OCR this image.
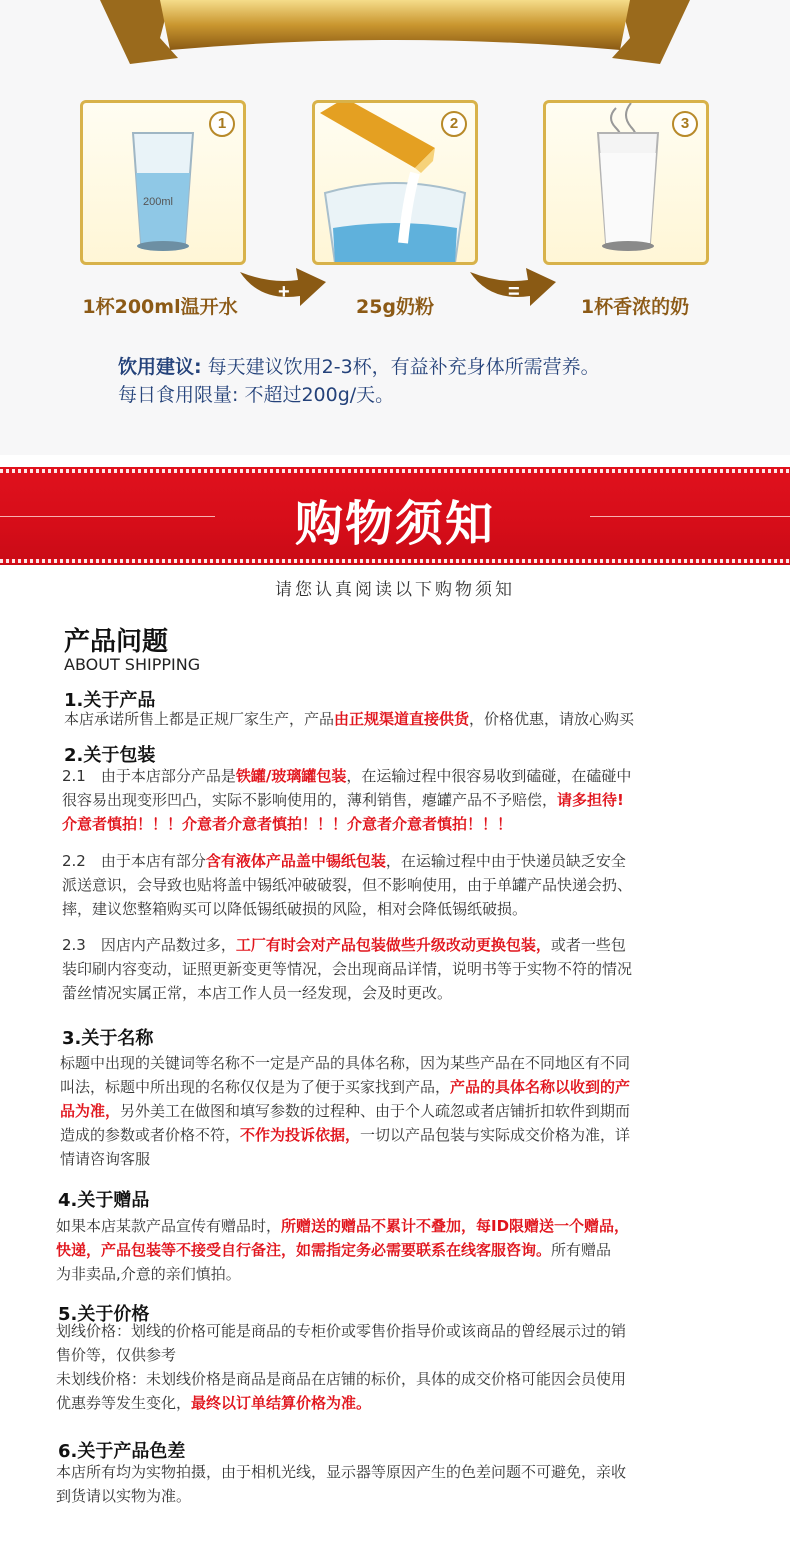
1
200ml
2	3
+	=
1杯200ml温开水	25g奶粉	1杯香浓的奶
饮用建议: 每天建议饮用2-3杯，有益补充身体所需营养。
每日食用限量: 不超过200g/天。
购物须知
请您认真阅读以下购物须知
产品问题
ABOUT SHIPPING
1.关于产品
本店承诺所售上都是正规厂家生产，产品由正规渠道直接供货，价格优惠，请放心购买
2.关于包装
2.1　由于本店部分产品是铁罐/玻璃罐包装，在运输过程中很容易收到磕碰，在磕碰中
很容易出现变形凹凸，实际不影响使用的，薄利销售，瘪罐产品不予赔偿，请多担待!
介意者慎拍！！！介意者介意者慎拍！！！介意者介意者慎拍！！！
2.2　由于本店有部分含有液体产品盖中锡纸包装，在运输过程中由于快递员缺乏安全
派送意识，会导致也贴将盖中锡纸冲破破裂，但不影响使用，由于单罐产品快递会扔、
摔，建议您整箱购买可以降低锡纸破损的风险，相对会降低锡纸破损。
2.3　因店内产品数过多，工厂有时会对产品包装做些升级改动更换包装，或者一些包
装印刷内容变动，证照更新变更等情况，会出现商品详情，说明书等于实物不符的情况
蕾丝情况实属正常，本店工作人员一经发现，会及时更改。
3.关于名称
标题中出现的关键词等名称不一定是产品的具体名称，因为某些产品在不同地区有不同
叫法，标题中所出现的名称仅仅是为了便于买家找到产品，产品的具体名称以收到的产
品为准，另外美工在做图和填写参数的过程种、由于个人疏忽或者店铺折扣软件到期而
造成的参数或者价格不符，不作为投诉依据，一切以产品包装与实际成交价格为准，详
情请咨询客服
4.关于赠品
如果本店某款产品宣传有赠品时，所赠送的赠品不累计不叠加，每ID限赠送一个赠品，
快递，产品包装等不接受自行备注，如需指定务必需要联系在线客服咨询。所有赠品
为非卖品,介意的亲们慎拍。
5.关于价格
划线价格：划线的价格可能是商品的专柜价或零售价指导价或该商品的曾经展示过的销
售价等，仅供参考
未划线价格：未划线价格是商品是商品在店铺的标价，具体的成交价格可能因会员使用
优惠券等发生变化，最终以订单结算价格为准。
6.关于产品色差
本店所有均为实物拍摄，由于相机光线，显示器等原因产生的色差问题不可避免，亲收
到货请以实物为准。
